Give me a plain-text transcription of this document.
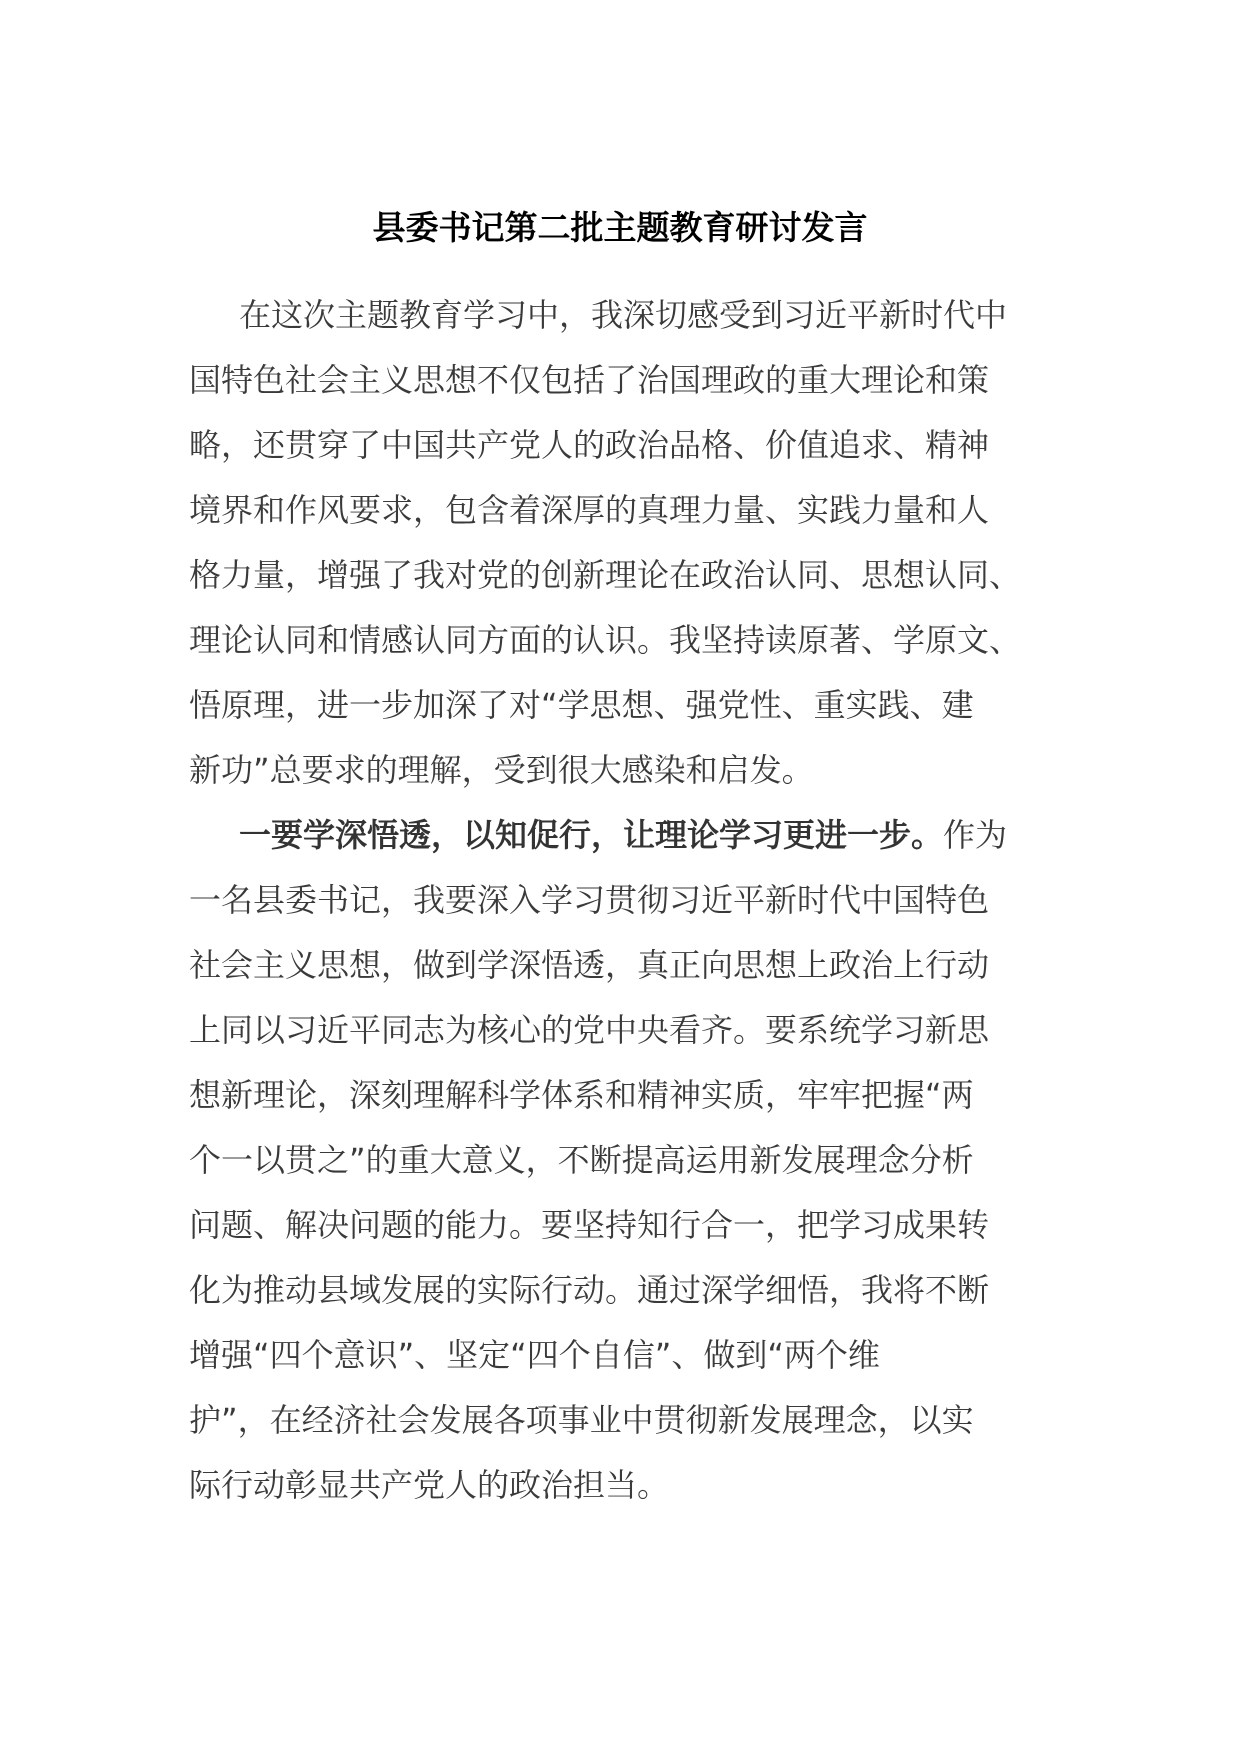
县委书记第二批主题教育研讨发言
在这次主题教育学习中，我深切感受到习近平新时代中
国特色社会主义思想不仅包括了治国理政的重大理论和策
略，还贯穿了中国共产党人的政治品格、价值追求、精神
境界和作风要求，包含着深厚的真理力量、实践力量和人
格力量，增强了我对党的创新理论在政治认同、思想认同、
理论认同和情感认同方面的认识。我坚持读原著、学原文、
悟原理，进一步加深了对“学思想、强党性、重实践、建
新功”总要求的理解，受到很大感染和启发。
一要学深悟透，以知促行，让理论学习更进一步。作为
一名县委书记，我要深入学习贯彻习近平新时代中国特色
社会主义思想，做到学深悟透，真正向思想上政治上行动
上同以习近平同志为核心的党中央看齐。要系统学习新思
想新理论，深刻理解科学体系和精神实质，牢牢把握“两
个一以贯之”的重大意义，不断提高运用新发展理念分析
问题、解决问题的能力。要坚持知行合一，把学习成果转
化为推动县域发展的实际行动。通过深学细悟，我将不断
增强“四个意识”、坚定“四个自信”、做到“两个维
护”，在经济社会发展各项事业中贯彻新发展理念，以实
际行动彰显共产党人的政治担当。
